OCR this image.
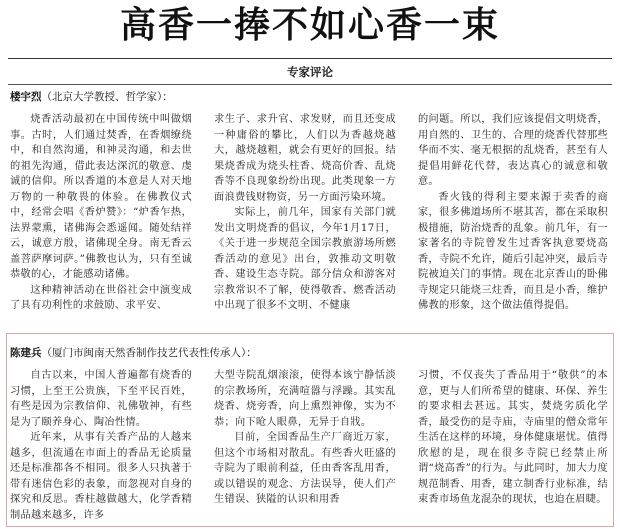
高香一捧不如心香一束
专家评论
楼宇烈（北京大学教授、哲学家）：

烧香活动最初在中国传统中叫做烟事。古时，人们通过焚香，在香烟缭绕中，和自然沟通，和神灵沟通，和去世的祖先沟通，借此表达深沉的敬意、虔诚的信仰。所以香道的本意是人对天地万物的一种敬畏的体验。在佛教仪式中，经常会唱《香炉赞》：“炉香乍热，法界蒙熏，诸佛海会悉遥闻。随处结祥云，诚意方殷，诸佛现全身。南无香云盖菩萨摩诃萨。”佛教也认为，只有至诚恭敬的心，才能感动诸佛。

这种精神活动在世俗社会中演变成了具有功利性的求鼓励、求平安、

求生子、求升官、求发财，而且还变成一种庸俗的攀比，人们以为香越烧越大，越烧越粗，就会有更好的回报。结果烧香成为烧头柱香、烧高价香、乱烧香等不良现象纷纷出现。此类现象一方面浪费钱财物资，另一方面污染环境。

实际上，前几年，国家有关部门就发出文明烧香的倡议，今年1月17日，《关于进一步规范全国宗教旅游场所燃香活动的意见》出台，敦推动文明敬香、建设生态寺院。部分信众和游客对宗教常识不了解，使得敬香、燃香活动中出现了很多不文明、不健康

的问题。所以，我们应该提倡文明烧香，用自然的、卫生的、合理的烧香代替那些华而不实、毫无根据的乱烧香，甚至有人提倡用鲜花代替，表达真心的诚意和敬意。

香火钱的得利主要来源于卖香的商家，很多佛道场所不堪其苦，都在采取积极措施，防治烧香的乱象。前几年，有一家著名的寺院曾发生过香客执意要烧高香，寺院不允许，随后引起冲突，最后寺院被迫关门的事情。现在北京香山的卧佛寺规定只能烧三炷香，而且是小香，维护佛教的形象，这个做法值得提倡。

陈建兵（厦门市闽南天然香制作技艺代表性传承人）：

自古以来，中国人普遍都有烧香的习惯，上至王公贵族，下至平民百姓，有些是因为宗教信仰、礼佛敬神，有些是为了颐养身心、陶冶性情。

近年来，从事有关香产品的人越来越多，但流通在市面上的香品无论质量还是标准都各不相同。很多人只执著于带有迷信色彩的表象，而忽视对自身的探究和反思。香柱越做越大，化学香精制品越来越多，许多

大型寺院乱烟滚滚，使得本该宁静恬淡的宗教场所，充满喧嚣与浮躁。其实乱烧香、烧旁香，向上熏烈神像，实为不恭；向下呛人眼鼻，无异于自戕。

目前，全国香品生产厂商近万家，但这个市场相对散乱。有些香火旺盛的寺院为了眼前利益，任由香客乱用香，或以错误的观念、方法误导，使人们产生错误、狭隘的认识和用香

习惯，不仅丧失了香品用于“敬供”的本意，更与人们所希望的健康、环保、养生的要求相去甚远。其实，焚烧劣质化学香，最受伤的是寺庙，寺庙里的僧众常年生活在这样的环境，身体健康堪忧。值得欣慰的是，现在很多寺院已经禁止所谓“烧高香”的行为。与此同时，加大力度规范制香、用香，建立制香行业标准，结束香市场鱼龙混杂的现状，也迫在眉睫。
